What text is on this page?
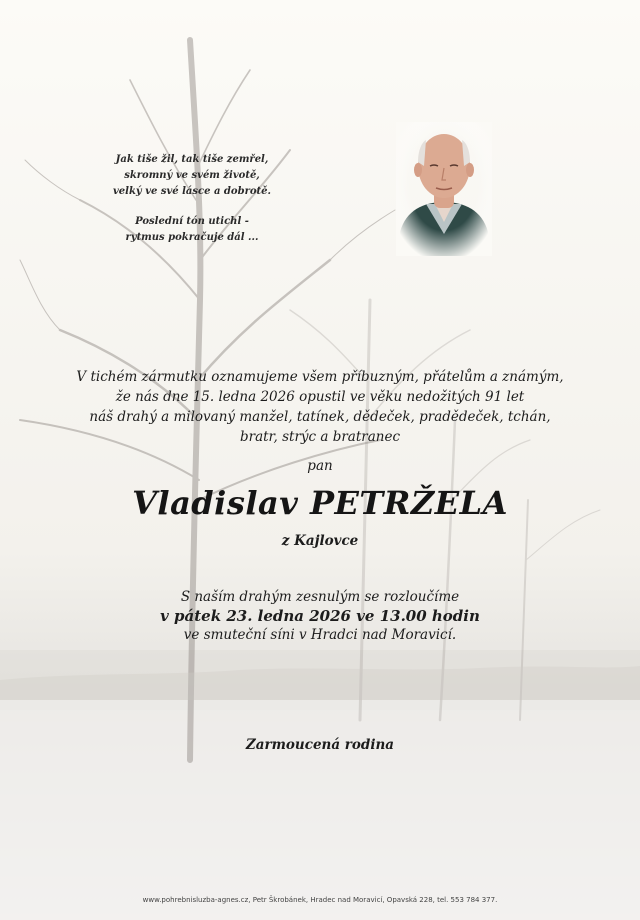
Jak tiše žil, tak tiše zemřel,

skromný ve svém životě,

velký ve své lásce a dobrotě.

Poslední tón utichl -

rytmus pokračuje dál ...

V tichém zármutku oznamujeme všem příbuzným, přátelům a známým,

že nás dne 15. ledna 2026 opustil ve věku nedožitých 91 let

náš drahý a milovaný manžel, tatínek, dědeček, pradědeček, tchán,

bratr, strýc a bratranec

pan
Vladislav PETRŽELA
z Kajlovce

S naším drahým zesnulým se rozloučíme

v pátek 23. ledna 2026 ve 13.00 hodin

ve smuteční síni v Hradci nad Moravicí.

Zarmoucená rodina
www.pohrebnisluzba-agnes.cz, Petr Škrobánek, Hradec nad Moravicí, Opavská 228, tel. 553 784 377.
